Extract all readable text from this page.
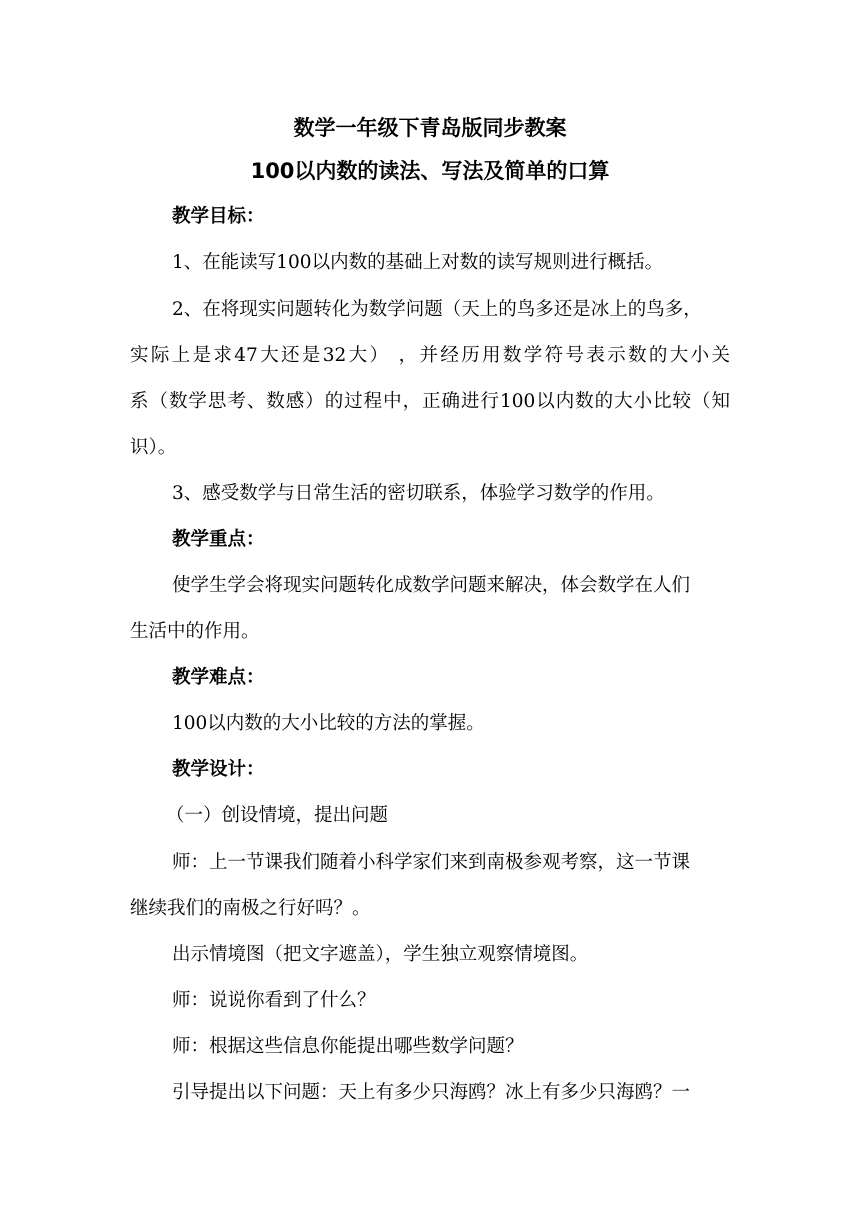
数学一年级下青岛版同步教案
100以内数的读法、写法及简单的口算
教学目标：
1、在能读写100以内数的基础上对数的读写规则进行概括。
2、在将现实问题转化为数学问题（天上的鸟多还是冰上的鸟多，
实际上是求47大还是32大） ，并经历用数学符号表示数的大小关
系（数学思考、数感）的过程中，正确进行100以内数的大小比较（知
识）。
3、感受数学与日常生活的密切联系，体验学习数学的作用。
教学重点：
使学生学会将现实问题转化成数学问题来解决，体会数学在人们
生活中的作用。
教学难点：
100以内数的大小比较的方法的掌握。
教学设计：
（一）创设情境，提出问题
师：上一节课我们随着小科学家们来到南极参观考察，这一节课
继续我们的南极之行好吗？。
出示情境图（把文字遮盖），学生独立观察情境图。
师：说说你看到了什么？
师：根据这些信息你能提出哪些数学问题？
引导提出以下问题：天上有多少只海鸥？冰上有多少只海鸥？一
